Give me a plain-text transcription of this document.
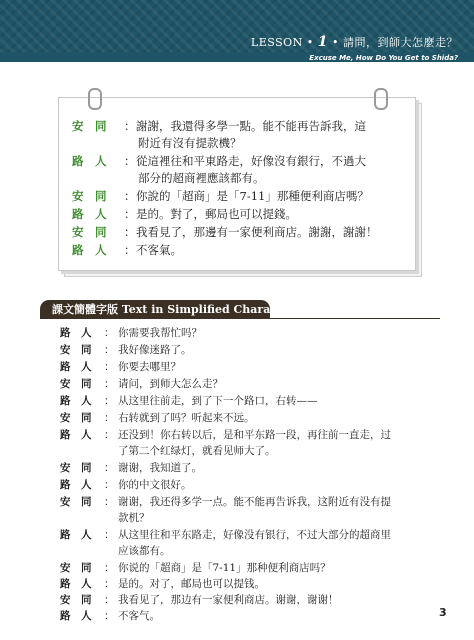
LESSON • 1 • 請問，到師大怎麼走？
Excuse Me, How Do You Get to Shida?
安　同 ：謝謝，我還得多學一點。能不能再告訴我，這
附近有沒有提款機？
路　人 ：從這裡往和平東路走，好像沒有銀行，不過大
部分的超商裡應該都有。
安　同 ：你說的「超商」是「7-11」那種便利商店嗎？
路　人 ：是的。對了，郵局也可以提錢。
安　同 ：我看見了，那邊有一家便利商店。謝謝，謝謝！
路　人 ：不客氣。
課文簡體字版 Text in Simplified Characters
路　人 ： 你需要我帮忙吗？
安　同 ： 我好像迷路了。
路　人 ： 你要去哪里？
安　同 ： 请问，到师大怎么走？
路　人 ： 从这里往前走，到了下一个路口，右转——
安　同 ： 右转就到了吗？听起来不远。
路　人 ： 还没到！你右转以后，是和平东路一段，再往前一直走，过
了第二个红绿灯，就看见师大了。
安　同 ： 谢谢，我知道了。
路　人 ： 你的中文很好。
安　同 ： 谢谢，我还得多学一点。能不能再告诉我，这附近有没有提
款机？
路　人 ： 从这里往和平东路走，好像没有银行，不过大部分的超商里
应该都有。
安　同 ： 你说的「超商」是「7-11」那种便利商店吗？
路　人 ： 是的。对了，邮局也可以提钱。
安　同 ： 我看见了，那边有一家便利商店。谢谢，谢谢！
路　人 ： 不客气。	3
